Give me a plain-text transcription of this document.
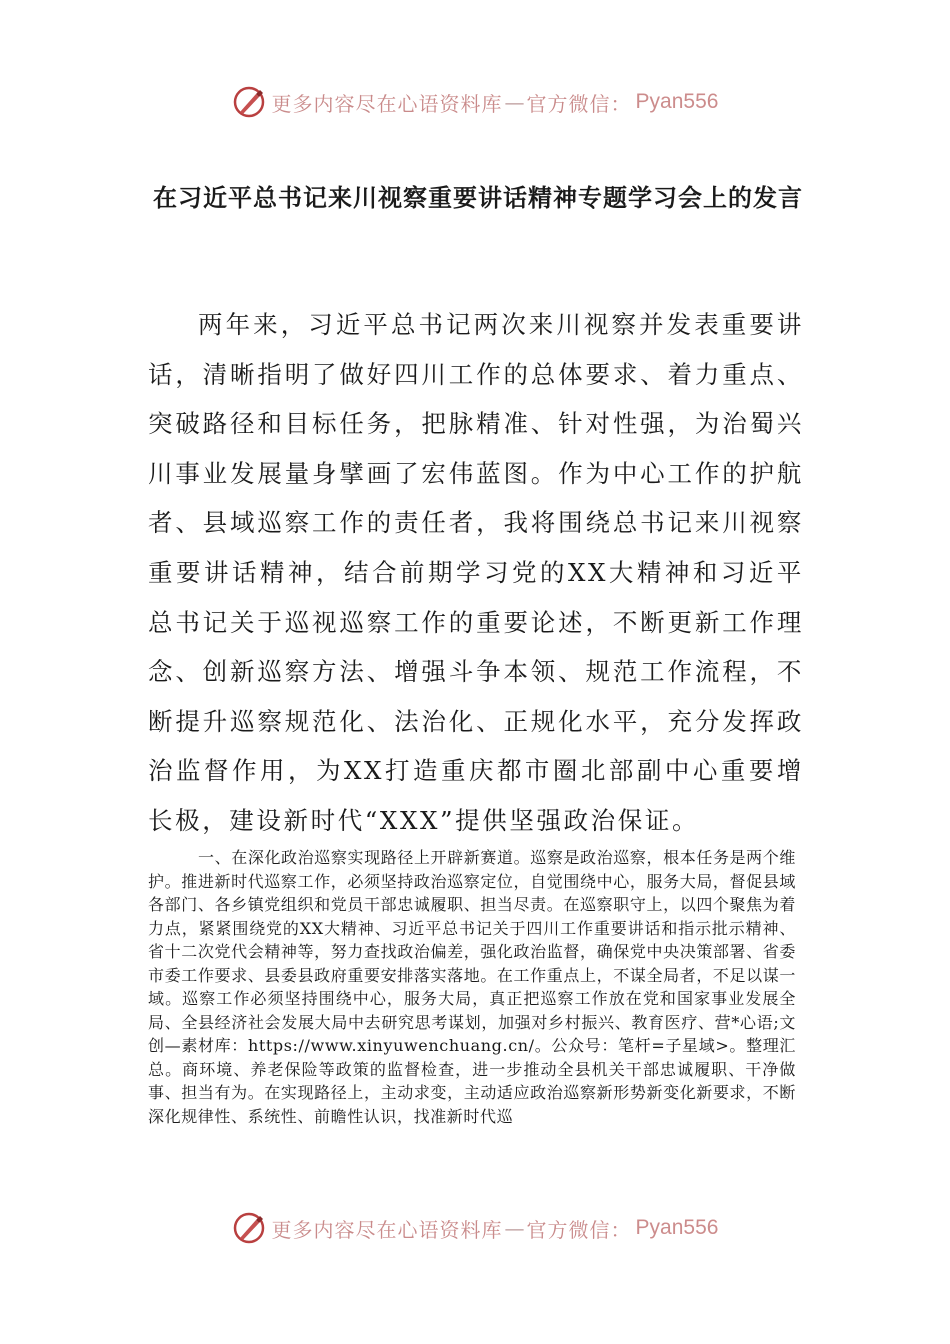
更多内容尽在心语资料库 — 官方微信： Pyan556
在习近平总书记来川视察重要讲话精神专题学习会上的发言

两年来，习近平总书记两次来川视察并发表重要讲话，清晰指明了做好四川工作的总体要求、着力重点、突破路径和目标任务，把脉精准、针对性强，为治蜀兴川事业发展量身擘画了宏伟蓝图。作为中心工作的护航者、县域巡察工作的责任者，我将围绕总书记来川视察重要讲话精神，结合前期学习党的XX大精神和习近平总书记关于巡视巡察工作的重要论述，不断更新工作理念、创新巡察方法、增强斗争本领、规范工作流程，不断提升巡察规范化、法治化、正规化水平，充分发挥政治监督作用，为XX打造重庆都市圈北部副中心重要增长极，建设新时代“XXX”提供坚强政治保证。

一、在深化政治巡察实现路径上开辟新赛道。巡察是政治巡察，根本任务是两个维护。推进新时代巡察工作，必须坚持政治巡察定位，自觉围绕中心，服务大局，督促县域各部门、各乡镇党组织和党员干部忠诚履职、担当尽责。在巡察职守上，以四个聚焦为着力点，紧紧围绕党的XX大精神、习近平总书记关于四川工作重要讲话和指示批示精神、省十二次党代会精神等，努力查找政治偏差，强化政治监督，确保党中央决策部署、省委市委工作要求、县委县政府重要安排落实落地。在工作重点上，不谋全局者，不足以谋一域。巡察工作必须坚持围绕中心，服务大局，真正把巡察工作放在党和国家事业发展全局、全县经济社会发展大局中去研究思考谋划，加强对乡村振兴、教育医疗、营*心语;文创—素材库：https://www.xinyuwenchuang.cn/。公众号：笔杆=子星域>。整理汇总。商环境、养老保险等政策的监督检查，进一步推动全县机关干部忠诚履职、干净做事、担当有为。在实现路径上，主动求变，主动适应政治巡察新形势新变化新要求，不断深化规律性、系统性、前瞻性认识，找准新时代巡

更多内容尽在心语资料库 — 官方微信： Pyan556
